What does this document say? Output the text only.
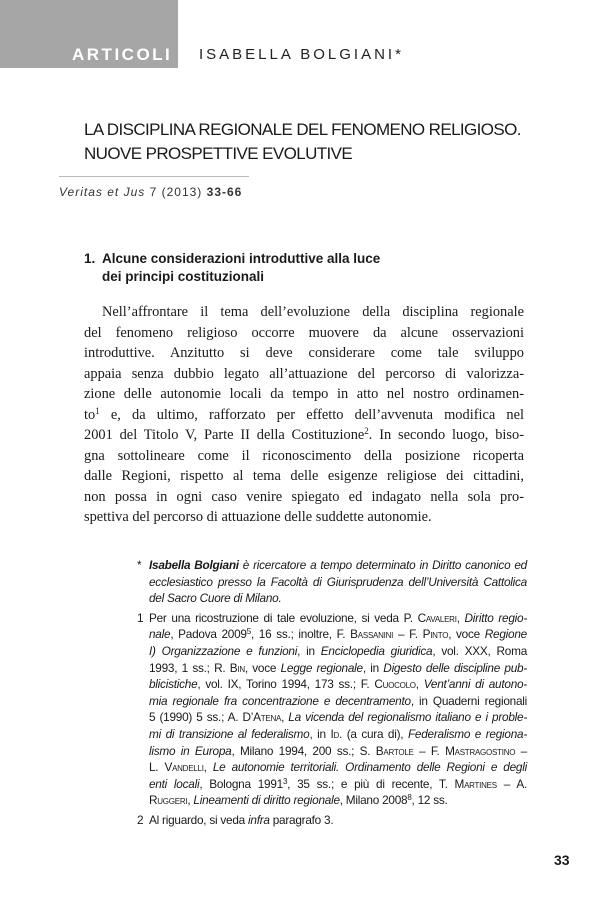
ARTICOLI ISABELLA BOLGIANI*
LA DISCIPLINA REGIONALE DEL FENOMENO RELIGIOSO.
NUOVE PROSPETTIVE EVOLUTIVE
Veritas et Jus 7 (2013) 33-66
1. Alcune considerazioni introduttive alla luce
dei principi costituzionali
Nell’affrontare il tema dell’evoluzione della disciplina regionale
del fenomeno religioso occorre muovere da alcune osservazioni
introduttive. Anzitutto si deve considerare come tale sviluppo
appaia senza dubbio legato all’attuazione del percorso di valorizza-
zione delle autonomie locali da tempo in atto nel nostro ordinamen-
$to^1$ e, da ultimo, rafforzato per effetto dell’avvenuta modifica nel
2001 del Titolo V, Parte II della Costituzione$^2$. In secondo luogo, biso-
gna sottolineare come il riconoscimento della posizione ricoperta
dalle Regioni, rispetto al tema delle esigenze religiose dei cittadini,
non possa in ogni caso venire spiegato ed indagato nella sola pro-
spettiva del percorso di attuazione delle suddette autonomie.
* Isabella Bolgiani è ricercatore a tempo determinato in Diritto canonico ed
ecclesiastico presso la Facoltà di Giurisprudenza dell’Università Cattolica
del Sacro Cuore di Milano.
1 Per una ricostruzione di tale evoluzione, si veda P. Cavaleri, Diritto regio-
nale, Padova 2009$^5$, 16 ss.; inoltre, F. Bassanini – F. Pinto, voce Regione
I) Organizzazione e funzioni, in Enciclopedia giuridica, vol. XXX, Roma
1993, 1 ss.; R. Bin, voce Legge regionale, in Digesto delle discipline pub-
blicistiche, vol. IX, Torino 1994, 173 ss.; F. Cuocolo, Vent’anni di autono-
mia regionale fra concentrazione e decentramento, in Quaderni regionali
5 (1990) 5 ss.; A. D’Atena, La vicenda del regionalismo italiano e i proble-
mi di transizione al federalismo, in Id. (a cura di), Federalismo e regiona-
lismo in Europa, Milano 1994, 200 ss.; S. Bartole – F. Mastragostino –
L. Vandelli, Le autonomie territoriali. Ordinamento delle Regioni e degli
enti locali, Bologna 1991$^3$, 35 ss.; e più di recente, T. Martines – A.
Ruggeri, Lineamenti di diritto regionale, Milano 2008$^8$, 12 ss.
2 Al riguardo, si veda infra paragrafo 3.
33
